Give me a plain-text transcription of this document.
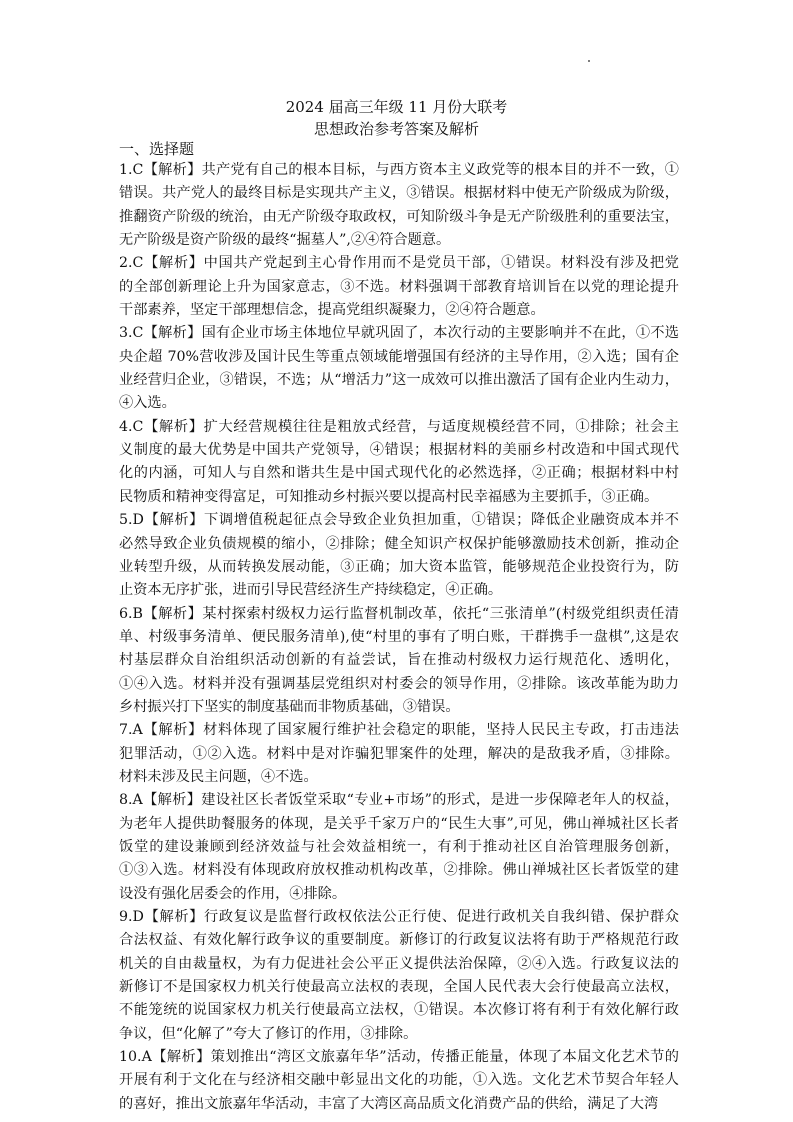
2024 届高三年级 11 月份大联考
思想政治参考答案及解析
一、选择题
1.C【解析】共产党有自己的根本目标，与西方资本主义政党等的根本目的并不一致，①
错误。共产党人的最终目标是实现共产主义，③错误。根据材料中使无产阶级成为阶级，
推翻资产阶级的统治，由无产阶级夺取政权，可知阶级斗争是无产阶级胜利的重要法宝，
无产阶级是资产阶级的最终“掘墓人”,②④符合题意。
2.C【解析】中国共产党起到主心骨作用而不是党员干部，①错误。材料没有涉及把党
的全部创新理论上升为国家意志，③不选。材料强调干部教育培训旨在以党的理论提升
干部素养，坚定干部理想信念，提高党组织凝聚力，②④符合题意。
3.C【解析】国有企业市场主体地位早就巩固了，本次行动的主要影响并不在此，①不选
央企超 70%营收涉及国计民生等重点领域能增强国有经济的主导作用，②入选；国有企
业经营归企业，③错误，不选；从“增活力”这一成效可以推出激活了国有企业内生动力，
④入选。
4.C【解析】扩大经营规模往往是粗放式经营，与适度规模经营不同，①排除；社会主
义制度的最大优势是中国共产党领导，④错误；根据材料的美丽乡村改造和中国式现代
化的内涵，可知人与自然和谐共生是中国式现代化的必然选择，②正确；根据材料中村
民物质和精神变得富足，可知推动乡村振兴要以提高村民幸福感为主要抓手，③正确。
5.D【解析】下调增值税起征点会导致企业负担加重，①错误；降低企业融资成本并不
必然导致企业负债规模的缩小，②排除；健全知识产权保护能够激励技术创新，推动企
业转型升级，从而转换发展动能，③正确；加大资本监管，能够规范企业投资行为，防
止资本无序扩张，进而引导民营经济生产持续稳定，④正确。
6.B【解析】某村探索村级权力运行监督机制改革，依托“三张清单”(村级党组织责任清
单、村级事务清单、便民服务清单),使“村里的事有了明白账，干群携手一盘棋”,这是农
村基层群众自治组织活动创新的有益尝试，旨在推动村级权力运行规范化、透明化，
①④入选。材料并没有强调基层党组织对村委会的领导作用，②排除。该改革能为助力
乡村振兴打下坚实的制度基础而非物质基础，③错误。
7.A【解析】材料体现了国家履行维护社会稳定的职能，坚持人民民主专政，打击违法
犯罪活动，①②入选。材料中是对诈骗犯罪案件的处理，解决的是敌我矛盾，③排除。
材料未涉及民主问题，④不选。
8.A【解析】建设社区长者饭堂采取“专业+市场”的形式，是进一步保障老年人的权益，
为老年人提供助餐服务的体现，是关乎千家万户的“民生大事”,可见，佛山禅城社区长者
饭堂的建设兼顾到经济效益与社会效益相统一，有利于推动社区自治管理服务创新，
①③入选。材料没有体现政府放权推动机构改革，②排除。佛山禅城社区长者饭堂的建
设没有强化居委会的作用，④排除。
9.D【解析】行政复议是监督行政权依法公正行使、促进行政机关自我纠错、保护群众
合法权益、有效化解行政争议的重要制度。新修订的行政复议法将有助于严格规范行政
机关的自由裁量权，为有力促进社会公平正义提供法治保障，②④入选。行政复议法的
新修订不是国家权力机关行使最高立法权的表现，全国人民代表大会行使最高立法权，
不能笼统的说国家权力机关行使最高立法权，①错误。本次修订将有利于有效化解行政
争议，但“化解了”夸大了修订的作用，③排除。
10.A【解析】策划推出“湾区文旅嘉年华”活动，传播正能量，体现了本届文化艺术节的
开展有利于文化在与经济相交融中彰显出文化的功能，①入选。文化艺术节契合年轻人
的喜好，推出文旅嘉年华活动，丰富了大湾区高品质文化消费产品的供给，满足了大湾
